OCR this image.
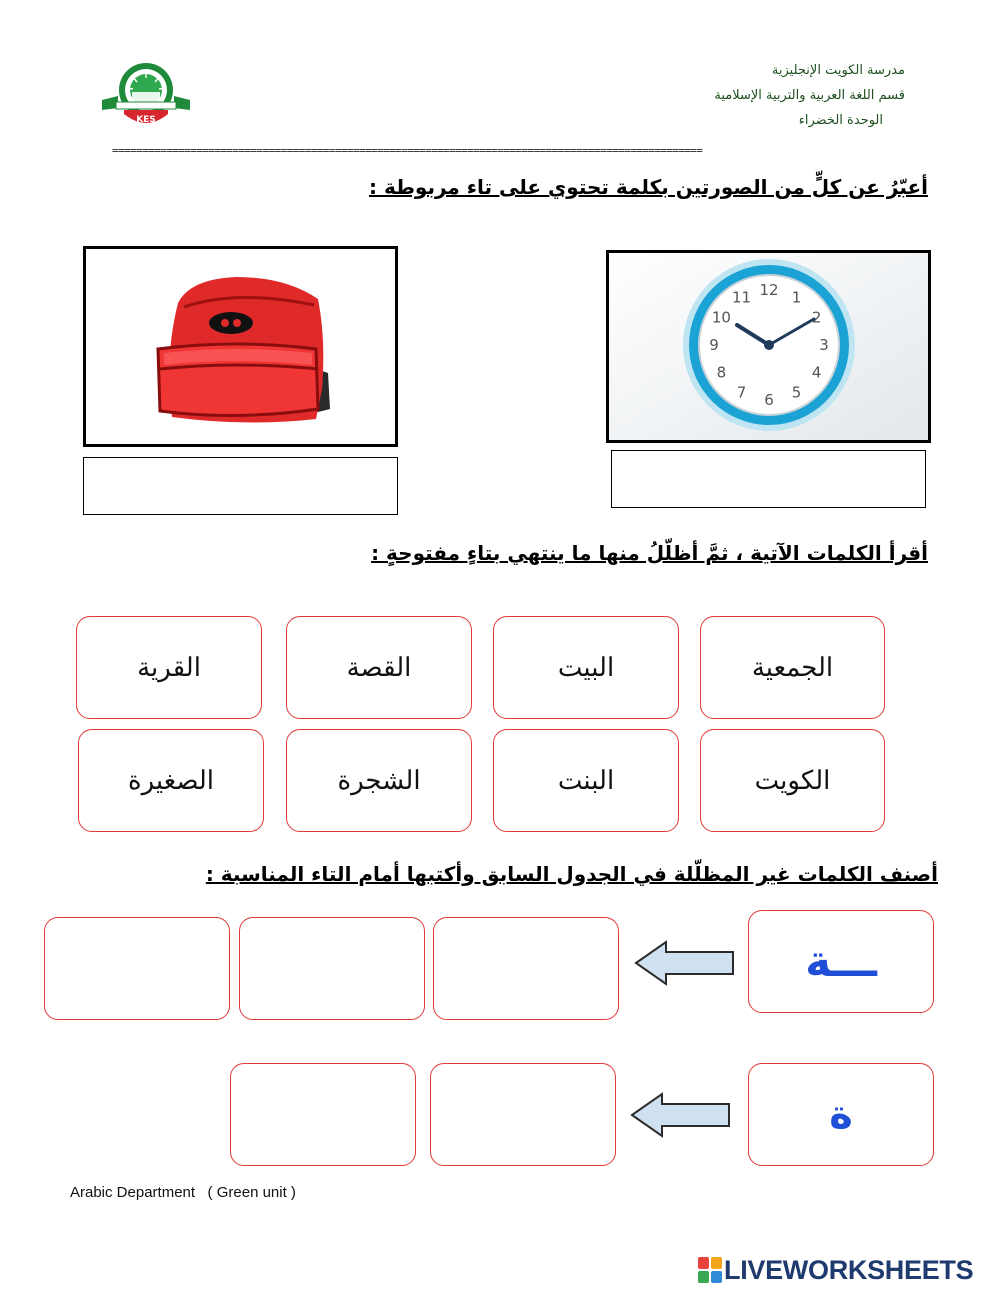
KES
مدرسة الكويت الإنجليزية
قسم اللغة العربية والتربية الإسلامية
الوحدة الخضراء
==================================================================================================
أعبّرُ عن كلٍّ من الصورتين بكلمة تحتوي على تاء مربوطة :
12 1
2
3
4
5
6
7
8
9
10
11
أقرأ الكلمات الآتية ، ثمَّ أظلّلُ منها ما ينتهي بتاءٍ مفتوحةٍ :
الجمعية
البيت
القصة
القرية
الكويت
البنت
الشجرة
الصغيرة
أصنف الكلمات غير المظلّلة في الجدول السابق وأكتبها أمام التاء المناسبة :
ـــة
ة
Arabic Department   ( Green unit )
LIVEWORKSHEETS
